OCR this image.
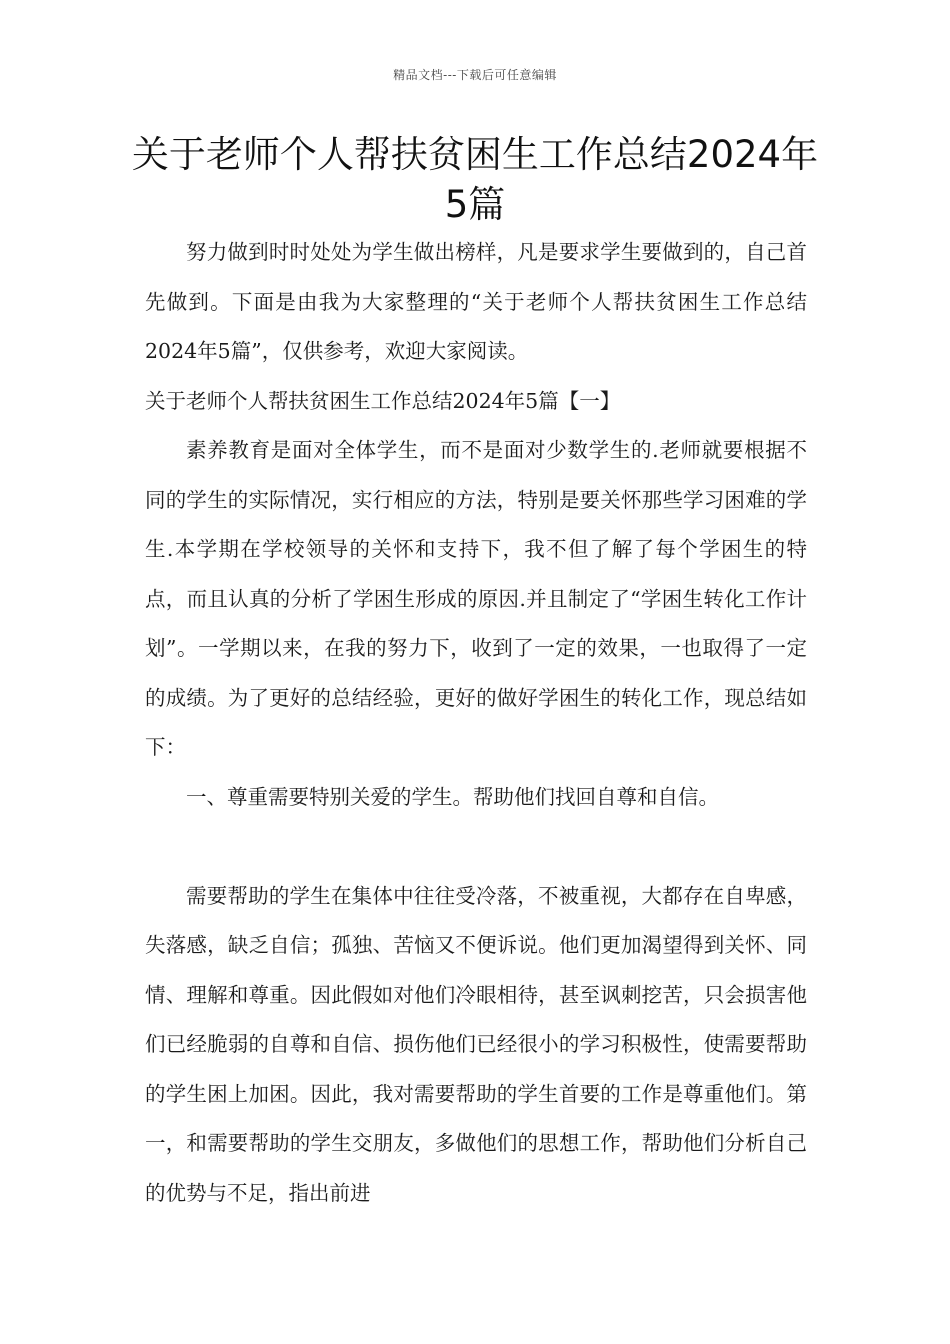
精品文档---下载后可任意编辑
关于老师个人帮扶贫困生工作总结2024年5篇

努力做到时时处处为学生做出榜样，凡是要求学生要做到的，自己首先做到。下面是由我为大家整理的“关于老师个人帮扶贫困生工作总结2024年5篇”，仅供参考，欢迎大家阅读。

关于老师个人帮扶贫困生工作总结2024年5篇【一】

素养教育是面对全体学生，而不是面对少数学生的.老师就要根据不同的学生的实际情况，实行相应的方法，特别是要关怀那些学习困难的学生.本学期在学校领导的关怀和支持下，我不但了解了每个学困生的特点，而且认真的分析了学困生形成的原因.并且制定了“学困生转化工作计划”。一学期以来，在我的努力下，收到了一定的效果，一也取得了一定的成绩。为了更好的总结经验，更好的做好学困生的转化工作，现总结如下：

一、尊重需要特别关爱的学生。帮助他们找回自尊和自信。

需要帮助的学生在集体中往往受冷落，不被重视，大都存在自卑感，失落感，缺乏自信；孤独、苦恼又不便诉说。他们更加渴望得到关怀、同情、理解和尊重。因此假如对他们冷眼相待，甚至讽刺挖苦，只会损害他们已经脆弱的自尊和自信、损伤他们已经很小的学习积极性，使需要帮助的学生困上加困。因此，我对需要帮助的学生首要的工作是尊重他们。第一，和需要帮助的学生交朋友，多做他们的思想工作，帮助他们分析自己的优势与不足，指出前进
